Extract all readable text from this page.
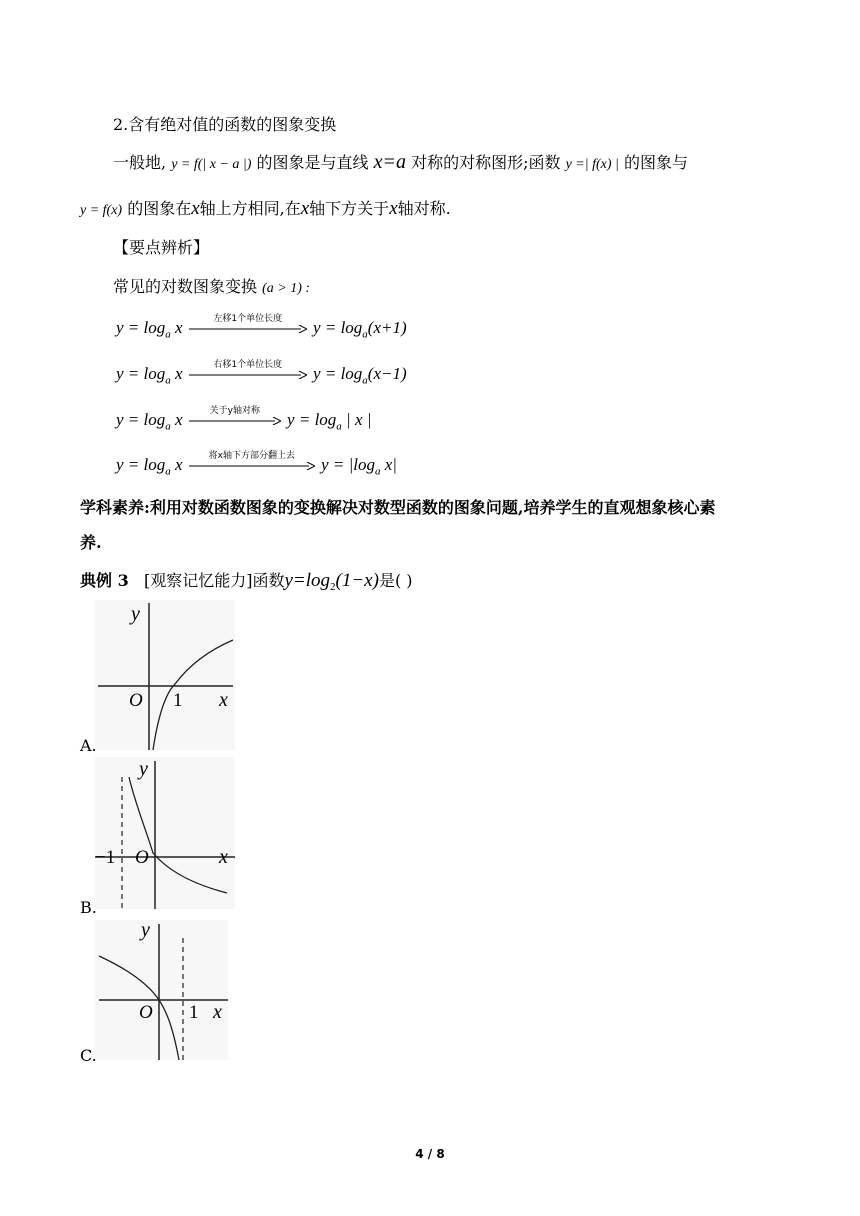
2.含有绝对值的函数的图象变换
一般地, y = f(| x − a |) 的图象是与直线 x=a 对称的对称图形;函数 y =| f(x) | 的图象与
y = f(x) 的图象在x轴上方相同,在x轴下方关于x轴对称.
【要点辨析】
常见的对数图象变换 (a > 1) :
$y = \log_a x$	左移1个单位长度	$y = \log_a(x+1)$
$y = \log_a x$	右移1个单位长度	$y = \log_a(x-1)$
$y = \log_a x$	关于y轴对称	$y = \log_a$ | x |
$y = \log_a x$	将x轴下方部分翻上去	$y = |\log_a$ x|
学科素养:利用对数函数图象的变换解决对数型函数的图象问题,培养学生的直观想象核心素
养.
典例 3 [观察记忆能力]函数$y=\log_2(1-x)$是( )
y
O 1 x
A.
y
−1 O	x
B.
y
O 1 x
C.
4 / 8
